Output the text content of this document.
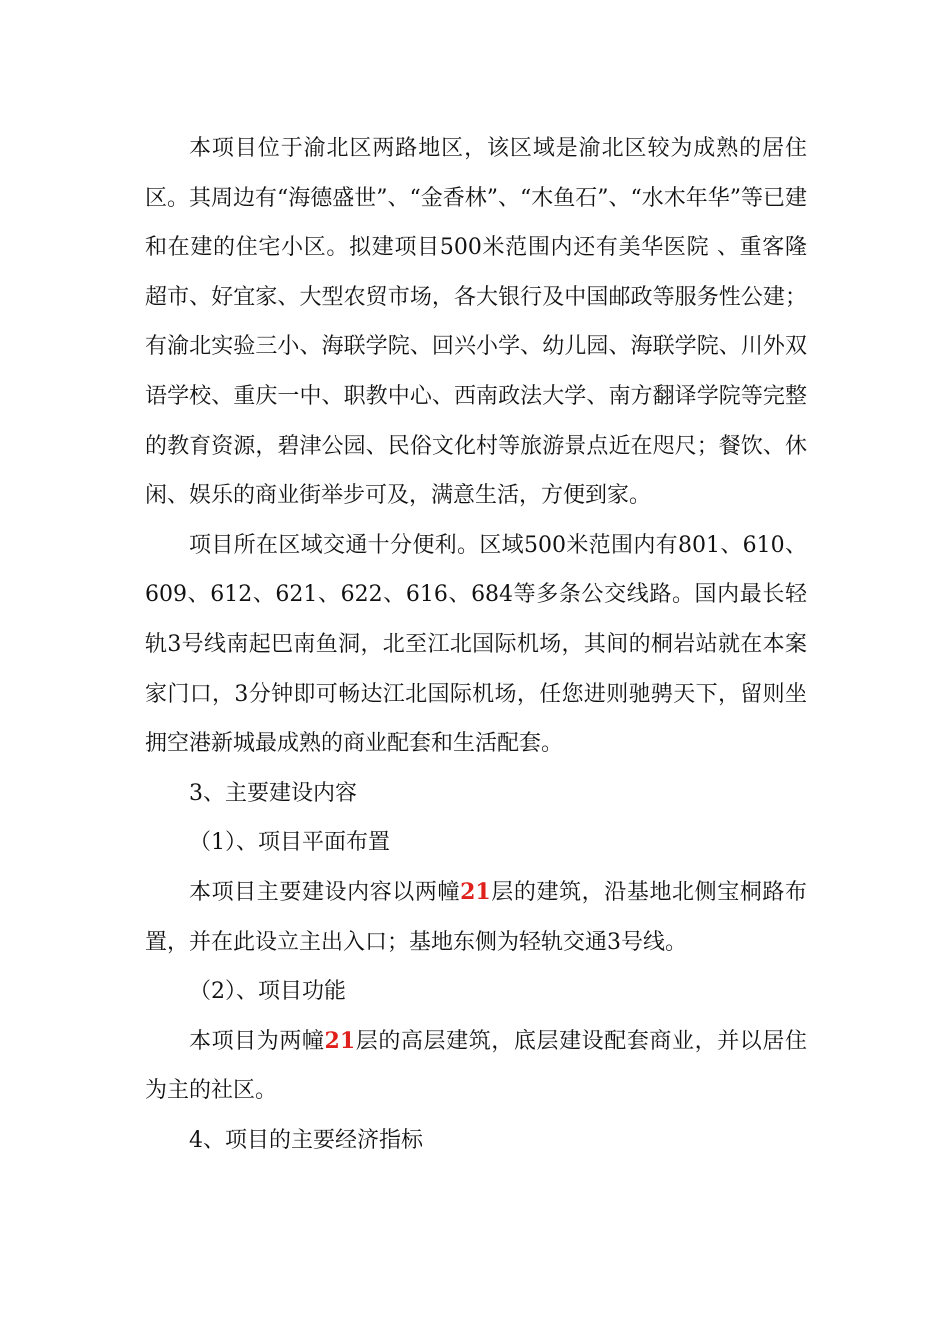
本项目位于渝北区两路地区，该区域是渝北区较为成熟的居住区。其周边有“海德盛世”、“金香林”、“木鱼石”、“水木年华”等已建和在建的住宅小区。拟建项目500米范围内还有美华医院 、重客隆超市、好宜家、大型农贸市场，各大银行及中国邮政等服务性公建；有渝北实验三小、海联学院、回兴小学、幼儿园、海联学院、川外双语学校、重庆一中、职教中心、西南政法大学、南方翻译学院等完整的教育资源，碧津公园、民俗文化村等旅游景点近在咫尺；餐饮、休闲、娱乐的商业街举步可及，满意生活，方便到家。

项目所在区域交通十分便利。区域500米范围内有801、610、609、612、621、622、616、684等多条公交线路。国内最长轻轨3号线南起巴南鱼洞，北至江北国际机场，其间的桐岩站就在本案家门口，3分钟即可畅达江北国际机场，任您进则驰骋天下，留则坐拥空港新城最成熟的商业配套和生活配套。

3、主要建设内容

（1）、项目平面布置

本项目主要建设内容以两幢21层的建筑，沿基地北侧宝桐路布置，并在此设立主出入口；基地东侧为轻轨交通3号线。

（2）、项目功能

本项目为两幢21层的高层建筑，底层建设配套商业，并以居住为主的社区。

4、项目的主要经济指标
